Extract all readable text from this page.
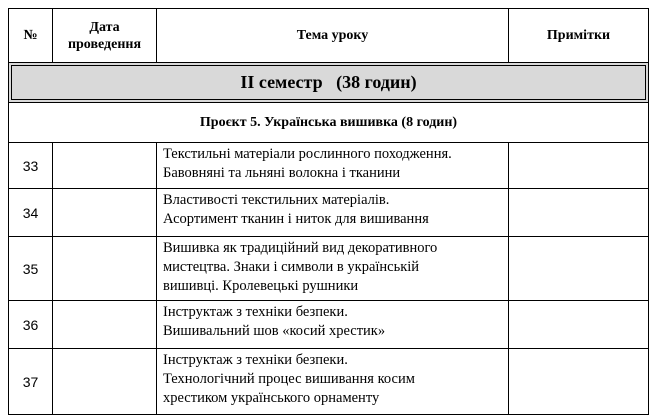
№	Дата проведення	Тема уроку	Примітки

ІІ семестр (38 годин)			

Проєкт 5. Українська вишивка (8 годин)			
33		Текстильні матеріали рослинного походження.
Бавовняні та льняні волокна і тканини	

34		Властивості текстильних матеріалів.
Асортимент тканин і ниток для вишивання	

35		Вишивка як традиційний вид декоративного
мистецтва. Знаки і символи в українській
вишивці. Кролевецькі рушники	

36		Інструктаж з техніки безпеки.
Вишивальний шов «косий хрестик»	

37		Інструктаж з техніки безпеки.
Технологічний процес вишивання косим
хрестиком українського орнаменту	
